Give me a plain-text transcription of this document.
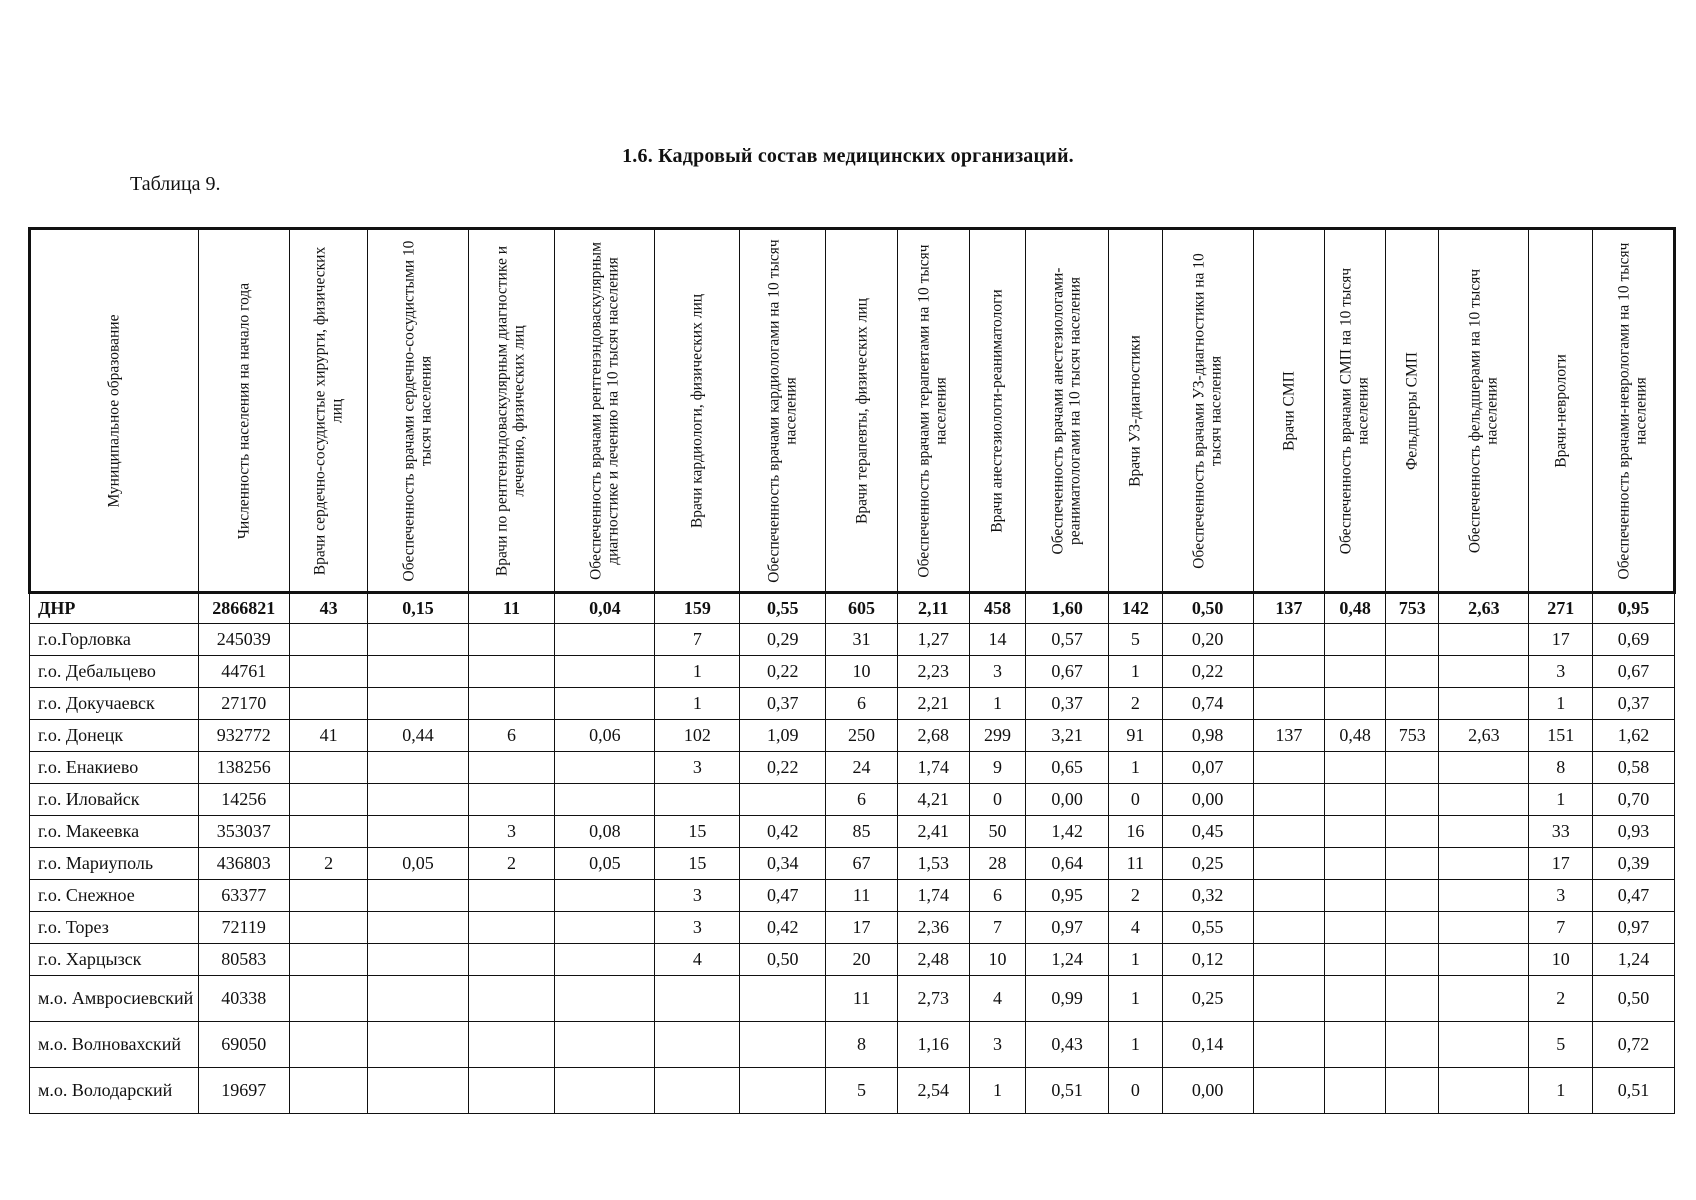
1.6. Кадровый состав медицинских организаций.
Таблица 9.
Муниципальное образование	Численность населения на начало года	Врачи сердечно-сосудистые хирурги, физических лиц	Обеспеченность врачами сердечно-сосудистыми 10 тысяч населения	Врачи по рентгенэндоваскулярным диагностике и лечению, физических лиц	Обеспеченность врачами рентгенэндоваскулярным диагностике и лечению на 10 тысяч населения	Врачи кардиологи, физических лиц	Обеспеченность врачами кардиологами на 10 тысяч населения	Врачи терапевты, физических лиц	Обеспеченность врачами терапевтами на 10 тысяч населения	Врачи анестезиологи-реаниматологи	Обеспеченность врачами анестезиологами-реаниматологами на 10 тысяч населения	Врачи УЗ-диагностики	Обеспеченность врачами УЗ-диагностики на 10 тысяч населения	Врачи СМП	Обеспеченность врачами СМП на 10 тысяч населения	Фельдшеры СМП	Обеспеченность фельдшерами на 10 тысяч населения	Врачи-неврологи	Обеспеченность врачами-неврологами на 10 тысяч населения

ДНР	2866821	43	0,15	11	0,04	159	0,55	605	2,11	458	1,60	142	0,50	137	0,48	753	2,63	271	0,95
г.о.Горловка	245039					7	0,29	31	1,27	14	0,57	5	0,20					17	0,69
г.о. Дебальцево	44761					1	0,22	10	2,23	3	0,67	1	0,22					3	0,67
г.о. Докучаевск	27170					1	0,37	6	2,21	1	0,37	2	0,74					1	0,37
г.о. Донецк	932772	41	0,44	6	0,06	102	1,09	250	2,68	299	3,21	91	0,98	137	0,48	753	2,63	151	1,62
г.о. Енакиево	138256					3	0,22	24	1,74	9	0,65	1	0,07					8	0,58
г.о. Иловайск	14256							6	4,21	0	0,00	0	0,00					1	0,70
г.о. Макеевка	353037			3	0,08	15	0,42	85	2,41	50	1,42	16	0,45					33	0,93
г.о. Мариуполь	436803	2	0,05	2	0,05	15	0,34	67	1,53	28	0,64	11	0,25					17	0,39
г.о. Снежное	63377					3	0,47	11	1,74	6	0,95	2	0,32					3	0,47
г.о. Торез	72119					3	0,42	17	2,36	7	0,97	4	0,55					7	0,97
г.о. Харцызск	80583					4	0,50	20	2,48	10	1,24	1	0,12					10	1,24
м.о. Амвросиевский	40338							11	2,73	4	0,99	1	0,25					2	0,50
м.о. Волновахский	69050							8	1,16	3	0,43	1	0,14					5	0,72
м.о. Володарский	19697							5	2,54	1	0,51	0	0,00					1	0,51
